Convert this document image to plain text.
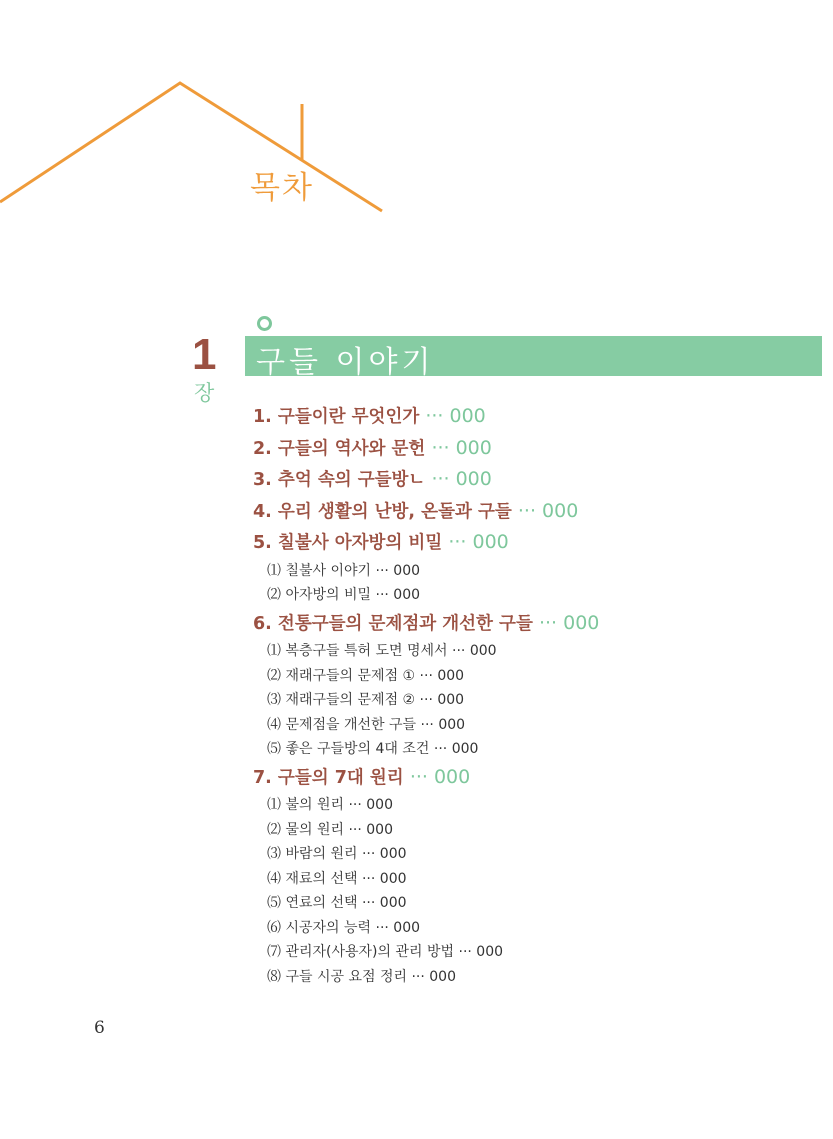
목차
1
장
구들 이야기
1. 구들이란 무엇인가 ··· 000
2. 구들의 역사와 문헌 ··· 000
3. 추억 속의 구들방ㄴ ··· 000
4. 우리 생활의 난방, 온돌과 구들 ··· 000
5. 칠불사 아자방의 비밀 ··· 000
⑴ 칠불사 이야기 ··· 000
⑵ 아자방의 비밀 ··· 000
6. 전통구들의 문제점과 개선한 구들 ··· 000
⑴ 복층구들 특허 도면 명세서 ··· 000
⑵ 재래구들의 문제점 ① ··· 000
⑶ 재래구들의 문제점 ② ··· 000
⑷ 문제점을 개선한 구들 ··· 000
⑸ 좋은 구들방의 4대 조건 ··· 000
7. 구들의 7대 원리 ··· 000
⑴ 불의 원리 ··· 000
⑵ 물의 원리 ··· 000
⑶ 바람의 원리 ··· 000
⑷ 재료의 선택 ··· 000
⑸ 연료의 선택 ··· 000
⑹ 시공자의 능력 ··· 000
⑺ 관리자(사용자)의 관리 방법 ··· 000
⑻ 구들 시공 요점 정리 ··· 000
6
